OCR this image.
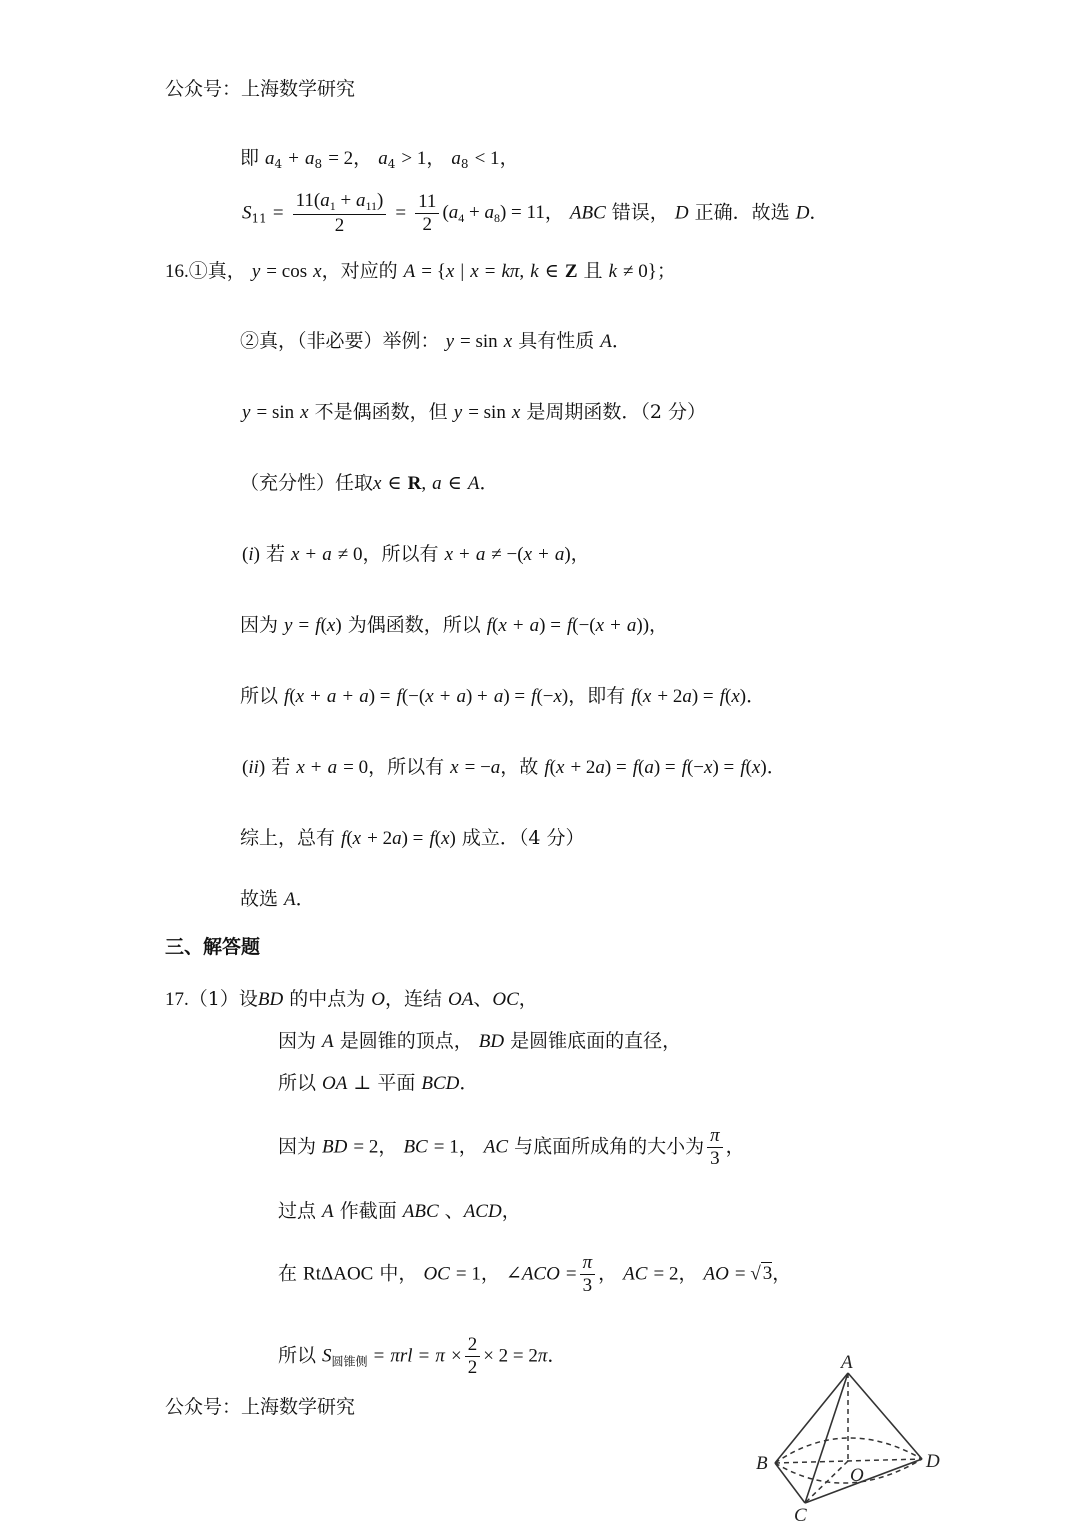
公众号：上海数学研究
即 $a_4 + a_8 = 2$， $a_4 > 1$， $a_8 < 1$，
$S_{11} = \frac{11(a_1 + a_{11})}{2} = \frac{11}{2} (a_4 + a_8) = 11$， ABC 错误， D 正确．故选 D．
16.①真， y = cos x，对应的 A = {x | x = kπ, k ∈ Z 且 k ≠ 0}；
②真，（非必要）举例： y = sin x 具有性质 A．
y = sin x 不是偶函数，但 y = sin x 是周期函数．（2 分）
（充分性）任取x ∈ R, a ∈ A．
(i) 若 x + a ≠ 0，所以有 x + a ≠ −(x + a)，
因为 y = f(x) 为偶函数，所以 f(x + a) = f(−(x + a))，
所以 f(x + a + a) = f(−(x + a) + a) = f(−x)，即有 f(x + 2a) = f(x)．
(ii) 若 x + a = 0，所以有 x = −a，故 f(x + 2a) = f(a) = f(−x) = f(x)．
综上，总有 f(x + 2a) = f(x) 成立．（4 分）
故选 A．
三、解答题
17.（1）设BD 的中点为 O，连结 OA、OC，
因为 A 是圆锥的顶点， BD 是圆锥底面的直径，
所以 OA ⊥ 平面 BCD．
因为 BD = 2， BC = 1， AC 与底面所成角的大小为 $\frac{\pi}{3}$ ，
过点 A 作截面 ABC 、ACD，
在 RtΔAOC 中， OC = 1， ∠ACO = $\frac{\pi}{3}$ ， AC = 2， AO = √ 3，
所以 $S_{圆锥侧} = \pi rl = \pi \times \frac{2}{2} \times 2 = 2\pi$．
公众号：上海数学研究
A
B
C
D
O
